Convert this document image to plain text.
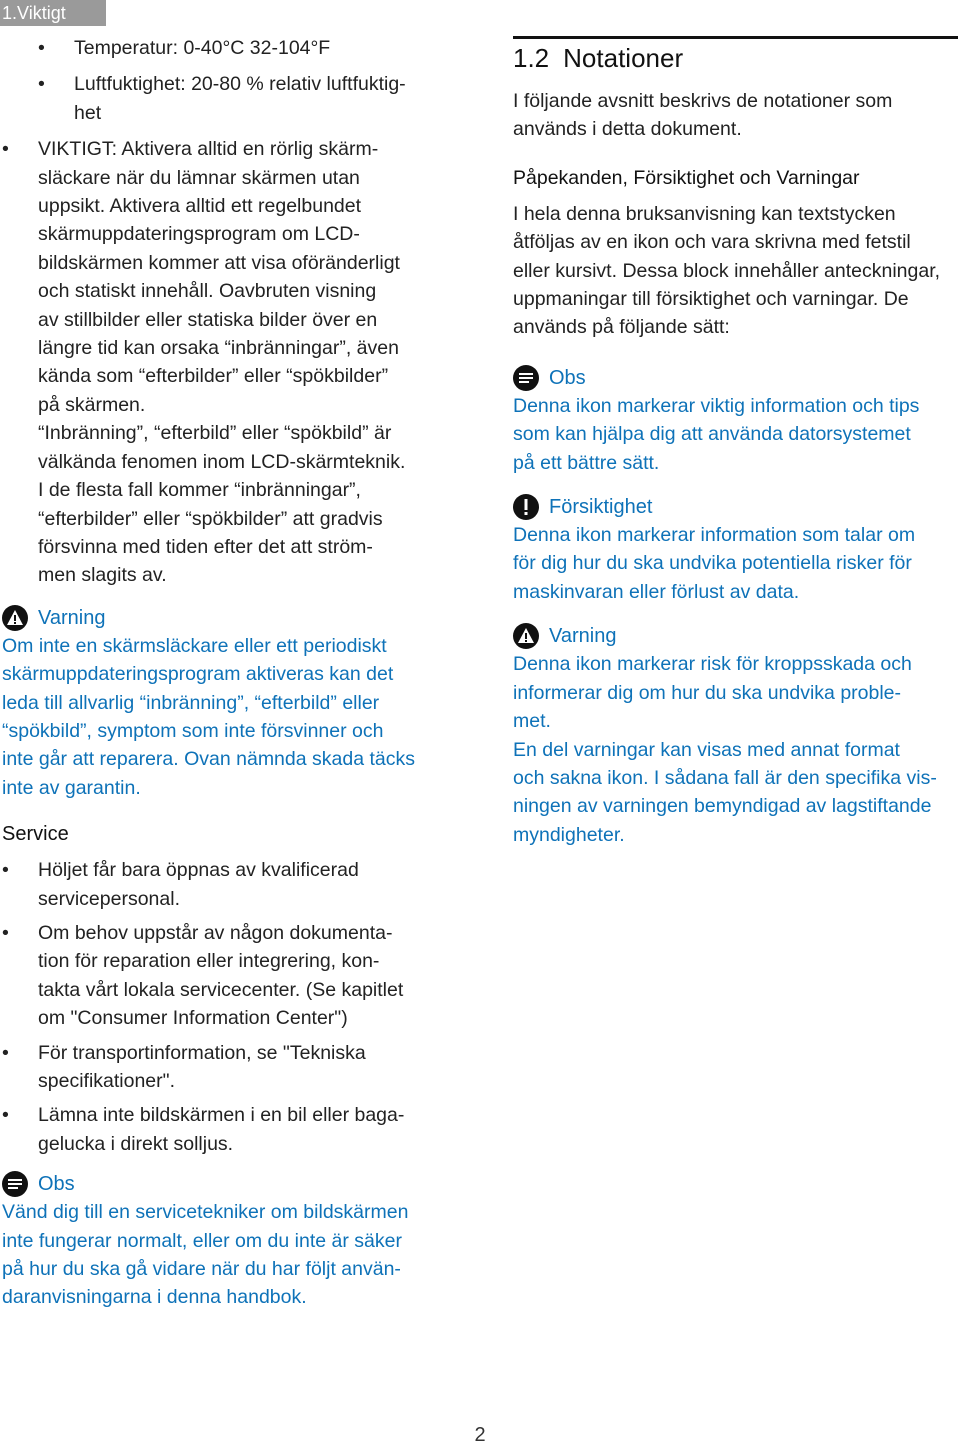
1.Viktigt
• Temperatur: 0-40°C 32-104°F

• Luftfuktighet: 20-80 % relativ luftfuktig-

het

• VIKTIGT: Aktivera alltid en rörlig skärm-

släckare när du lämnar skärmen utan

uppsikt. Aktivera alltid ett regelbundet

skärmuppdateringsprogram om LCD-

bildskärmen kommer att visa oföränderligt

och statiskt innehåll. Oavbruten visning

av stillbilder eller statiska bilder över en

längre tid kan orsaka “inbränningar”, även

kända som “efterbilder” eller “spökbilder”

på skärmen.

“Inbränning”, “efterbild” eller “spökbild” är

välkända fenomen inom LCD-skärmteknik.

I de flesta fall kommer “inbränningar”,

“efterbilder” eller “spökbilder” att gradvis

försvinna med tiden efter det att ström-

men slagits av.

Varning

Om inte en skärmsläckare eller ett periodiskt

skärmuppdateringsprogram aktiveras kan det

leda till allvarlig “inbränning”, “efterbild” eller

“spökbild”, symptom som inte försvinner och

inte går att reparera. Ovan nämnda skada täcks

inte av garantin.

Service

• Höljet får bara öppnas av kvalificerad

servicepersonal.

• Om behov uppstår av någon dokumenta-

tion för reparation eller integrering, kon-

takta vårt lokala servicecenter. (Se kapitlet

om "Consumer Information Center")

• För transportinformation, se "Tekniska

specifikationer".

• Lämna inte bildskärmen i en bil eller baga-

gelucka i direkt solljus.

Obs

Vänd dig till en servicetekniker om bildskärmen

inte fungerar normalt, eller om du inte är säker

på hur du ska gå vidare när du har följt använ-

daranvisningarna i denna handbok.

1.2 Notationer

I följande avsnitt beskrivs de notationer som

används i detta dokument.

Påpekanden, Försiktighet och Varningar

I hela denna bruksanvisning kan textstycken

åtföljas av en ikon och vara skrivna med fetstil

eller kursivt. Dessa block innehåller anteckningar,

uppmaningar till försiktighet och varningar. De

används på följande sätt:

Obs

Denna ikon markerar viktig information och tips

som kan hjälpa dig att använda datorsystemet

på ett bättre sätt.

Försiktighet

Denna ikon markerar information som talar om

för dig hur du ska undvika potentiella risker för

maskinvaran eller förlust av data.

Varning

Denna ikon markerar risk för kroppsskada och

informerar dig om hur du ska undvika proble-

met.

En del varningar kan visas med annat format

och sakna ikon. I sådana fall är den specifika vis-

ningen av varningen bemyndigad av lagstiftande

myndigheter.

2
